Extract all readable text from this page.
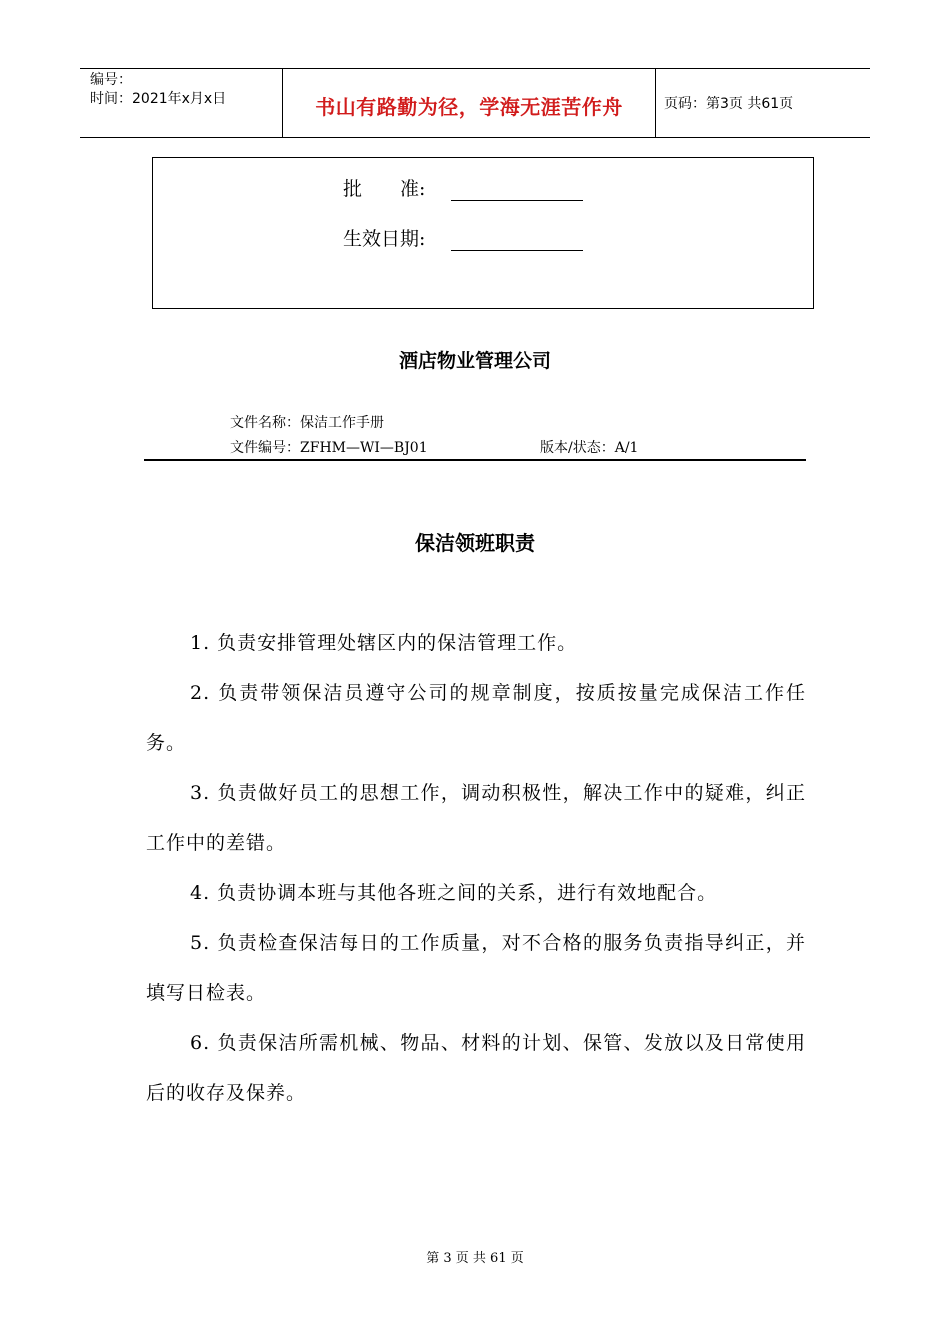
编号：
时间：2021年x月x日	书山有路勤为径，学海无涯苦作舟	页码：第3页 共61页
批　　准:
生效日期:
酒店物业管理公司
文件名称：保洁工作手册
文件编号：ZFHM—WI—BJ01	版本/状态：A/1
保洁领班职责

1. 负责安排管理处辖区内的保洁管理工作。

2. 负责带领保洁员遵守公司的规章制度，按质按量完成保洁工作任务。

3. 负责做好员工的思想工作，调动积极性，解决工作中的疑难，纠正工作中的差错。

4. 负责协调本班与其他各班之间的关系，进行有效地配合。

5. 负责检查保洁每日的工作质量，对不合格的服务负责指导纠正，并填写日检表。

6. 负责保洁所需机械、物品、材料的计划、保管、发放以及日常使用后的收存及保养。

第 3 页 共 61 页
